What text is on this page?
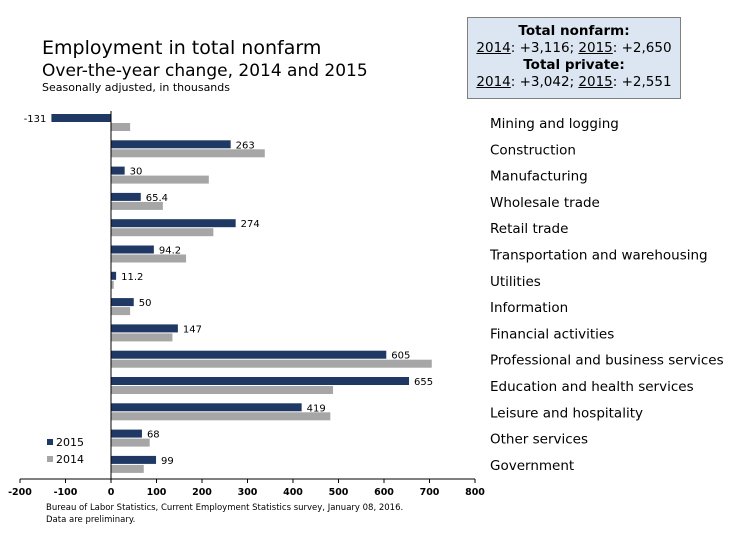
Employment in total nonfarm
Over-the-year change, 2014 and 2015
Seasonally adjusted, in thousands
Total nonfarm:
2014: +3,116; 2015: +2,650
Total private:
2014: +3,042; 2015: +2,551
-131	Mining and logging
263	Construction
30	Manufacturing
65.4	Wholesale trade
274	Retail trade
94.2	Transportation and warehousing
11.2	Utilities
50	Information
147	Financial activities
605	Professional and business services
655	Education and health services
419	Leisure and hospitality
68	Other services
99	Government
-200 -100	0	100	200	300	400	500	600	700	800
2015
2014
Bureau of Labor Statistics, Current Employment Statistics survey, January 08, 2016.
Data are preliminary.
